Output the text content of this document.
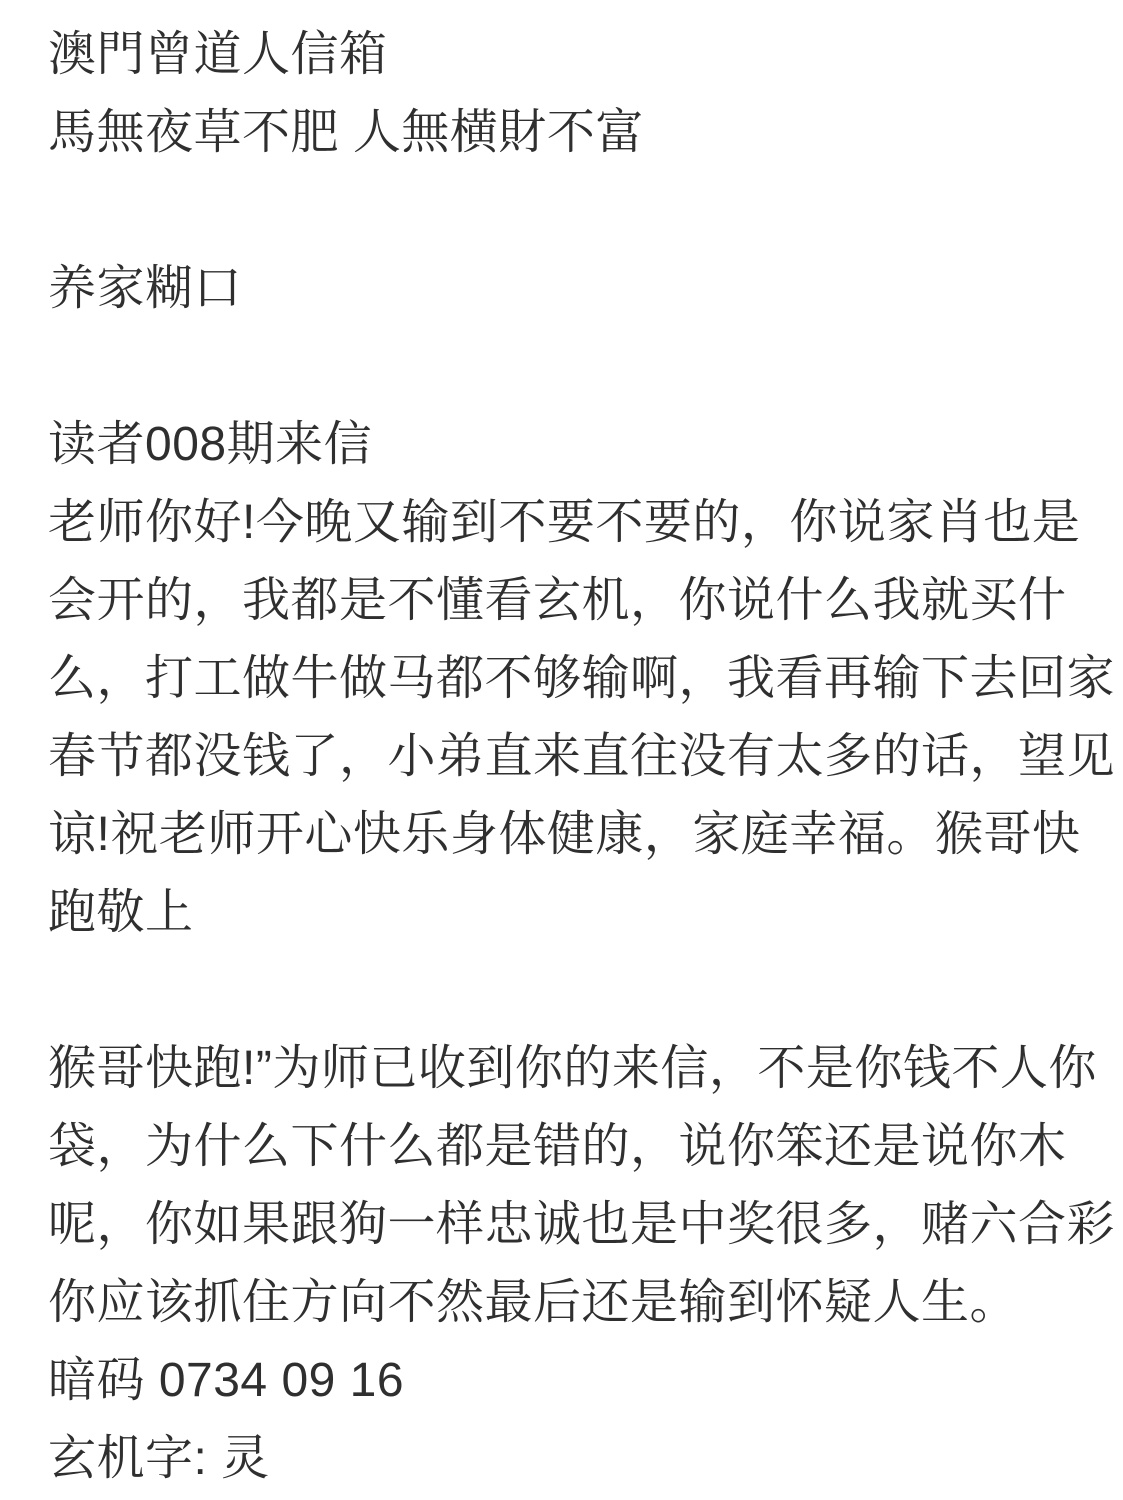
澳門曾道人信箱
馬無夜草不肥 人無横財不富
养家糊口
读者008期来信
老师你好!今晚又输到不要不要的，你说家肖也是
会开的，我都是不懂看玄机，你说什么我就买什
么，打工做牛做马都不够输啊，我看再输下去回家
春节都没钱了，小弟直来直往没有太多的话，望见
谅!祝老师开心快乐身体健康，家庭幸福。猴哥快
跑敬上
猴哥快跑!”为师已收到你的来信，不是你钱不人你
袋，为什么下什么都是错的，说你笨还是说你木
呢，你如果跟狗一样忠诚也是中奖很多，赌六合彩
你应该抓住方向不然最后还是输到怀疑人生。
暗码 0734 09 16
玄机字: 灵
